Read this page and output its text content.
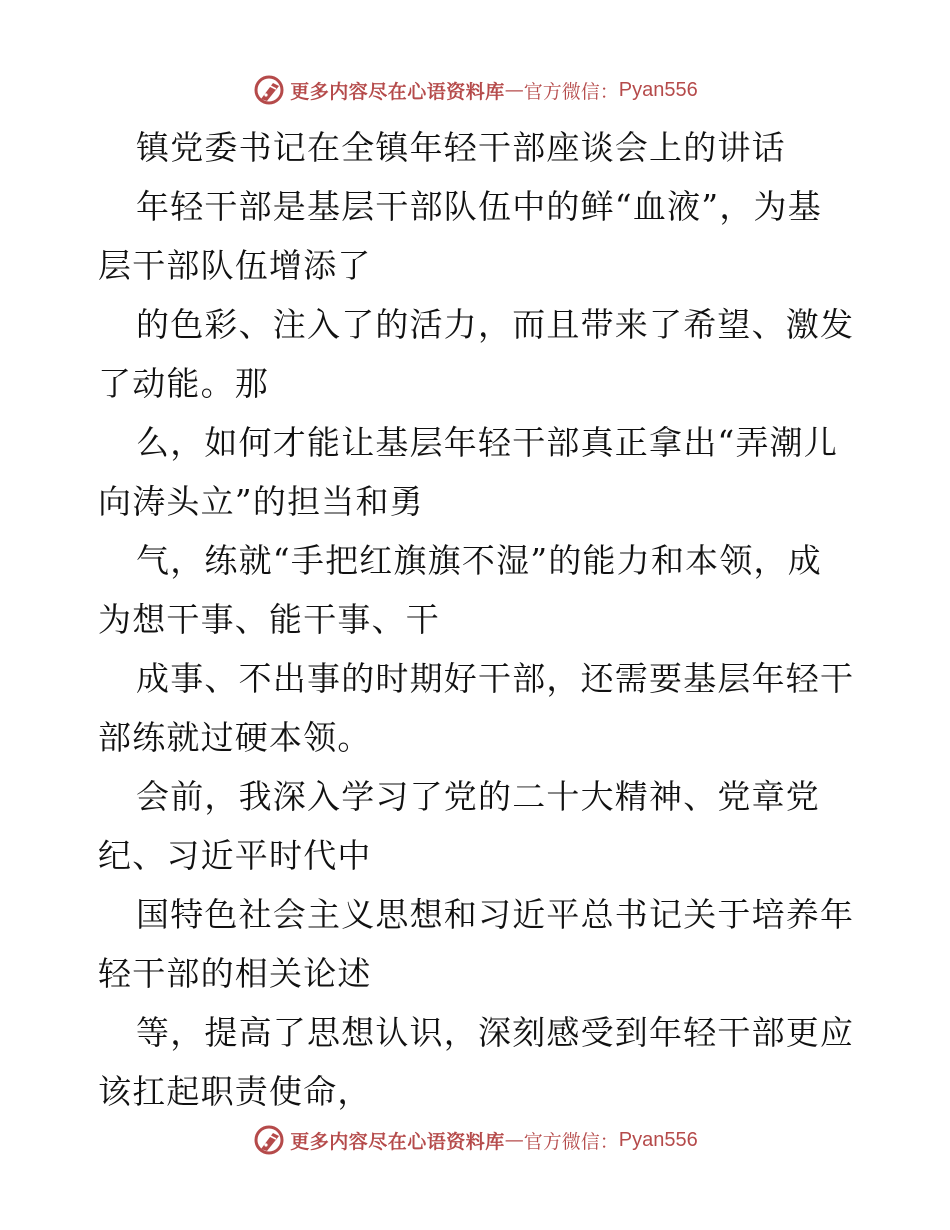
更多内容尽在心语资料库 — 官方微信： Pyan556
镇党委书记在全镇年轻干部座谈会上的讲话
年轻干部是基层干部队伍中的鲜“血液”，为基
层干部队伍增添了
的色彩、注入了的活力，而且带来了希望、激发
了动能。那
么，如何才能让基层年轻干部真正拿出“弄潮儿
向涛头立”的担当和勇
气，练就“手把红旗旗不湿”的能力和本领，成
为想干事、能干事、干
成事、不出事的时期好干部，还需要基层年轻干
部练就过硬本领。
会前，我深入学习了党的二十大精神、党章党
纪、习近平时代中
国特色社会主义思想和习近平总书记关于培养年
轻干部的相关论述
等，提高了思想认识，深刻感受到年轻干部更应
该扛起职责使命，
更多内容尽在心语资料库 — 官方微信： Pyan556
